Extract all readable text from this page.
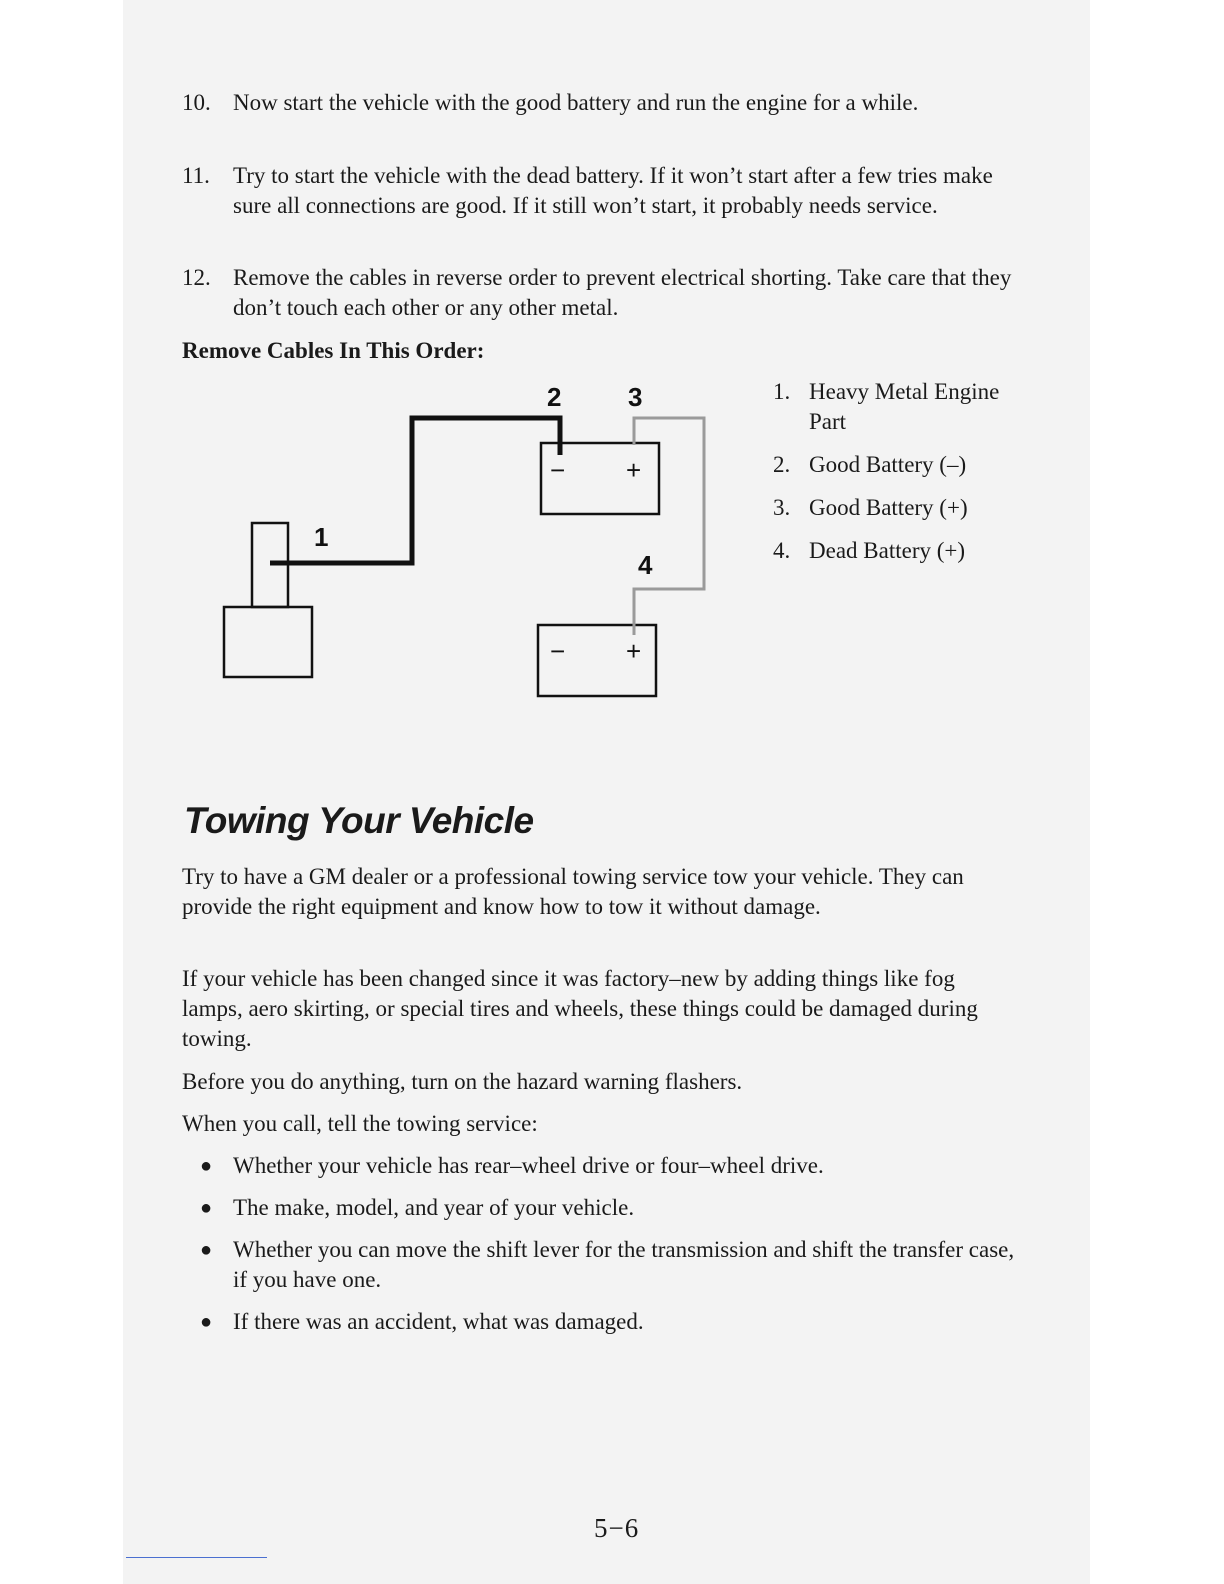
10. Now start the vehicle with the good battery and run the engine for a while.
11. Try to start the vehicle with the dead battery. If it won’t start after a few tries make sure all connections are good. If it still won’t start, it probably needs service.
12. Remove the cables in reverse order to prevent electrical shorting. Take care that they don’t touch each other or any other metal.
Remove Cables In This Order:
1
2	3
4
− +
− +
1. Heavy Metal Engine Part
2. Good Battery (–)
3. Good Battery (+)
4. Dead Battery (+)
Towing Your Vehicle
Try to have a GM dealer or a professional towing service tow your vehicle. They can provide the right equipment and know how to tow it without damage.
If your vehicle has been changed since it was factory–new by adding things like fog lamps, aero skirting, or special tires and wheels, these things could be damaged during towing.
Before you do anything, turn on the hazard warning flashers.
When you call, tell the towing service:
● Whether your vehicle has rear–wheel drive or four–wheel drive.
● The make, model, and year of your vehicle.
● Whether you can move the shift lever for the transmission and shift the transfer case, if you have one.
● If there was an accident, what was damaged.
5−6
